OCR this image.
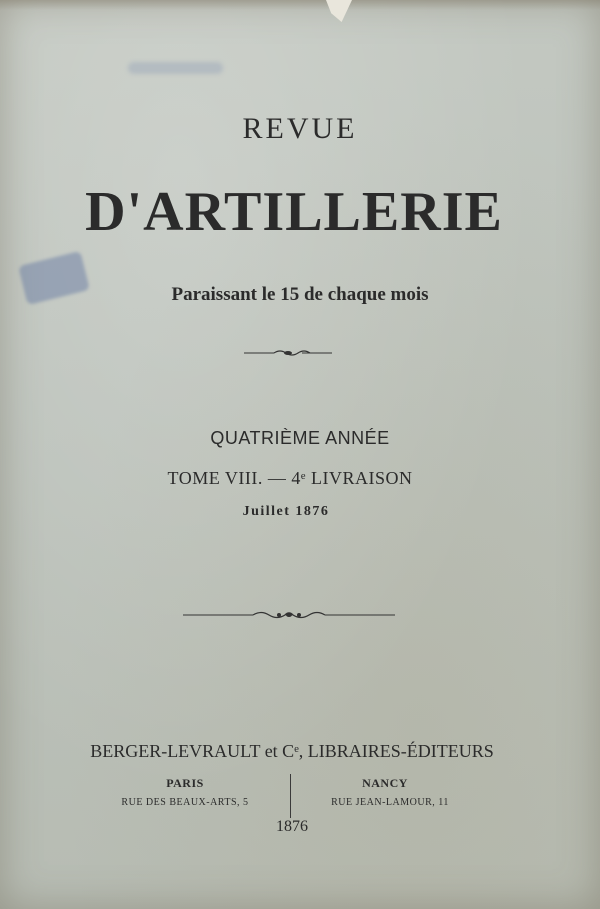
REVUE
D'ARTILLERIE
Paraissant le 15 de chaque mois
QUATRIÈME ANNÉE
TOME VIII. — 4ᵉ LIVRAISON
Juillet 1876
BERGER-LEVRAULT et Cᵉ, LIBRAIRES-ÉDITEURS
PARIS
RUE DES BEAUX-ARTS, 5
NANCY
RUE JEAN-LAMOUR, 11
1876
